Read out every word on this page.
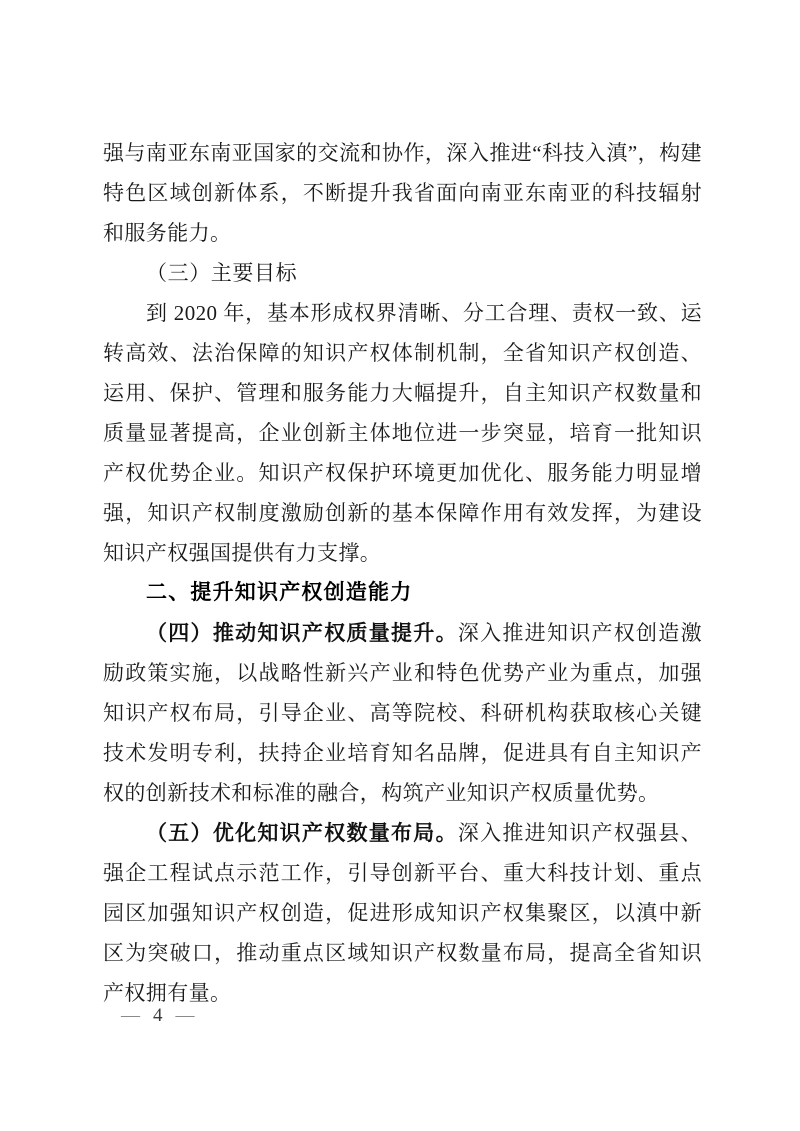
强与南亚东南亚国家的交流和协作，深入推进“科技入滇”，构建特色区域创新体系，不断提升我省面向南亚东南亚的科技辐射和服务能力。

（三）主要目标

到 2020 年，基本形成权界清晰、分工合理、责权一致、运转高效、法治保障的知识产权体制机制，全省知识产权创造、运用、保护、管理和服务能力大幅提升，自主知识产权数量和质量显著提高，企业创新主体地位进一步突显，培育一批知识产权优势企业。知识产权保护环境更加优化、服务能力明显增强，知识产权制度激励创新的基本保障作用有效发挥，为建设知识产权强国提供有力支撑。

二、提升知识产权创造能力

（四）推动知识产权质量提升。深入推进知识产权创造激励政策实施，以战略性新兴产业和特色优势产业为重点，加强知识产权布局，引导企业、高等院校、科研机构获取核心关键技术发明专利，扶持企业培育知名品牌，促进具有自主知识产权的创新技术和标准的融合，构筑产业知识产权质量优势。

（五）优化知识产权数量布局。深入推进知识产权强县、强企工程试点示范工作，引导创新平台、重大科技计划、重点园区加强知识产权创造，促进形成知识产权集聚区，以滇中新区为突破口，推动重点区域知识产权数量布局，提高全省知识产权拥有量。

— 4 —
